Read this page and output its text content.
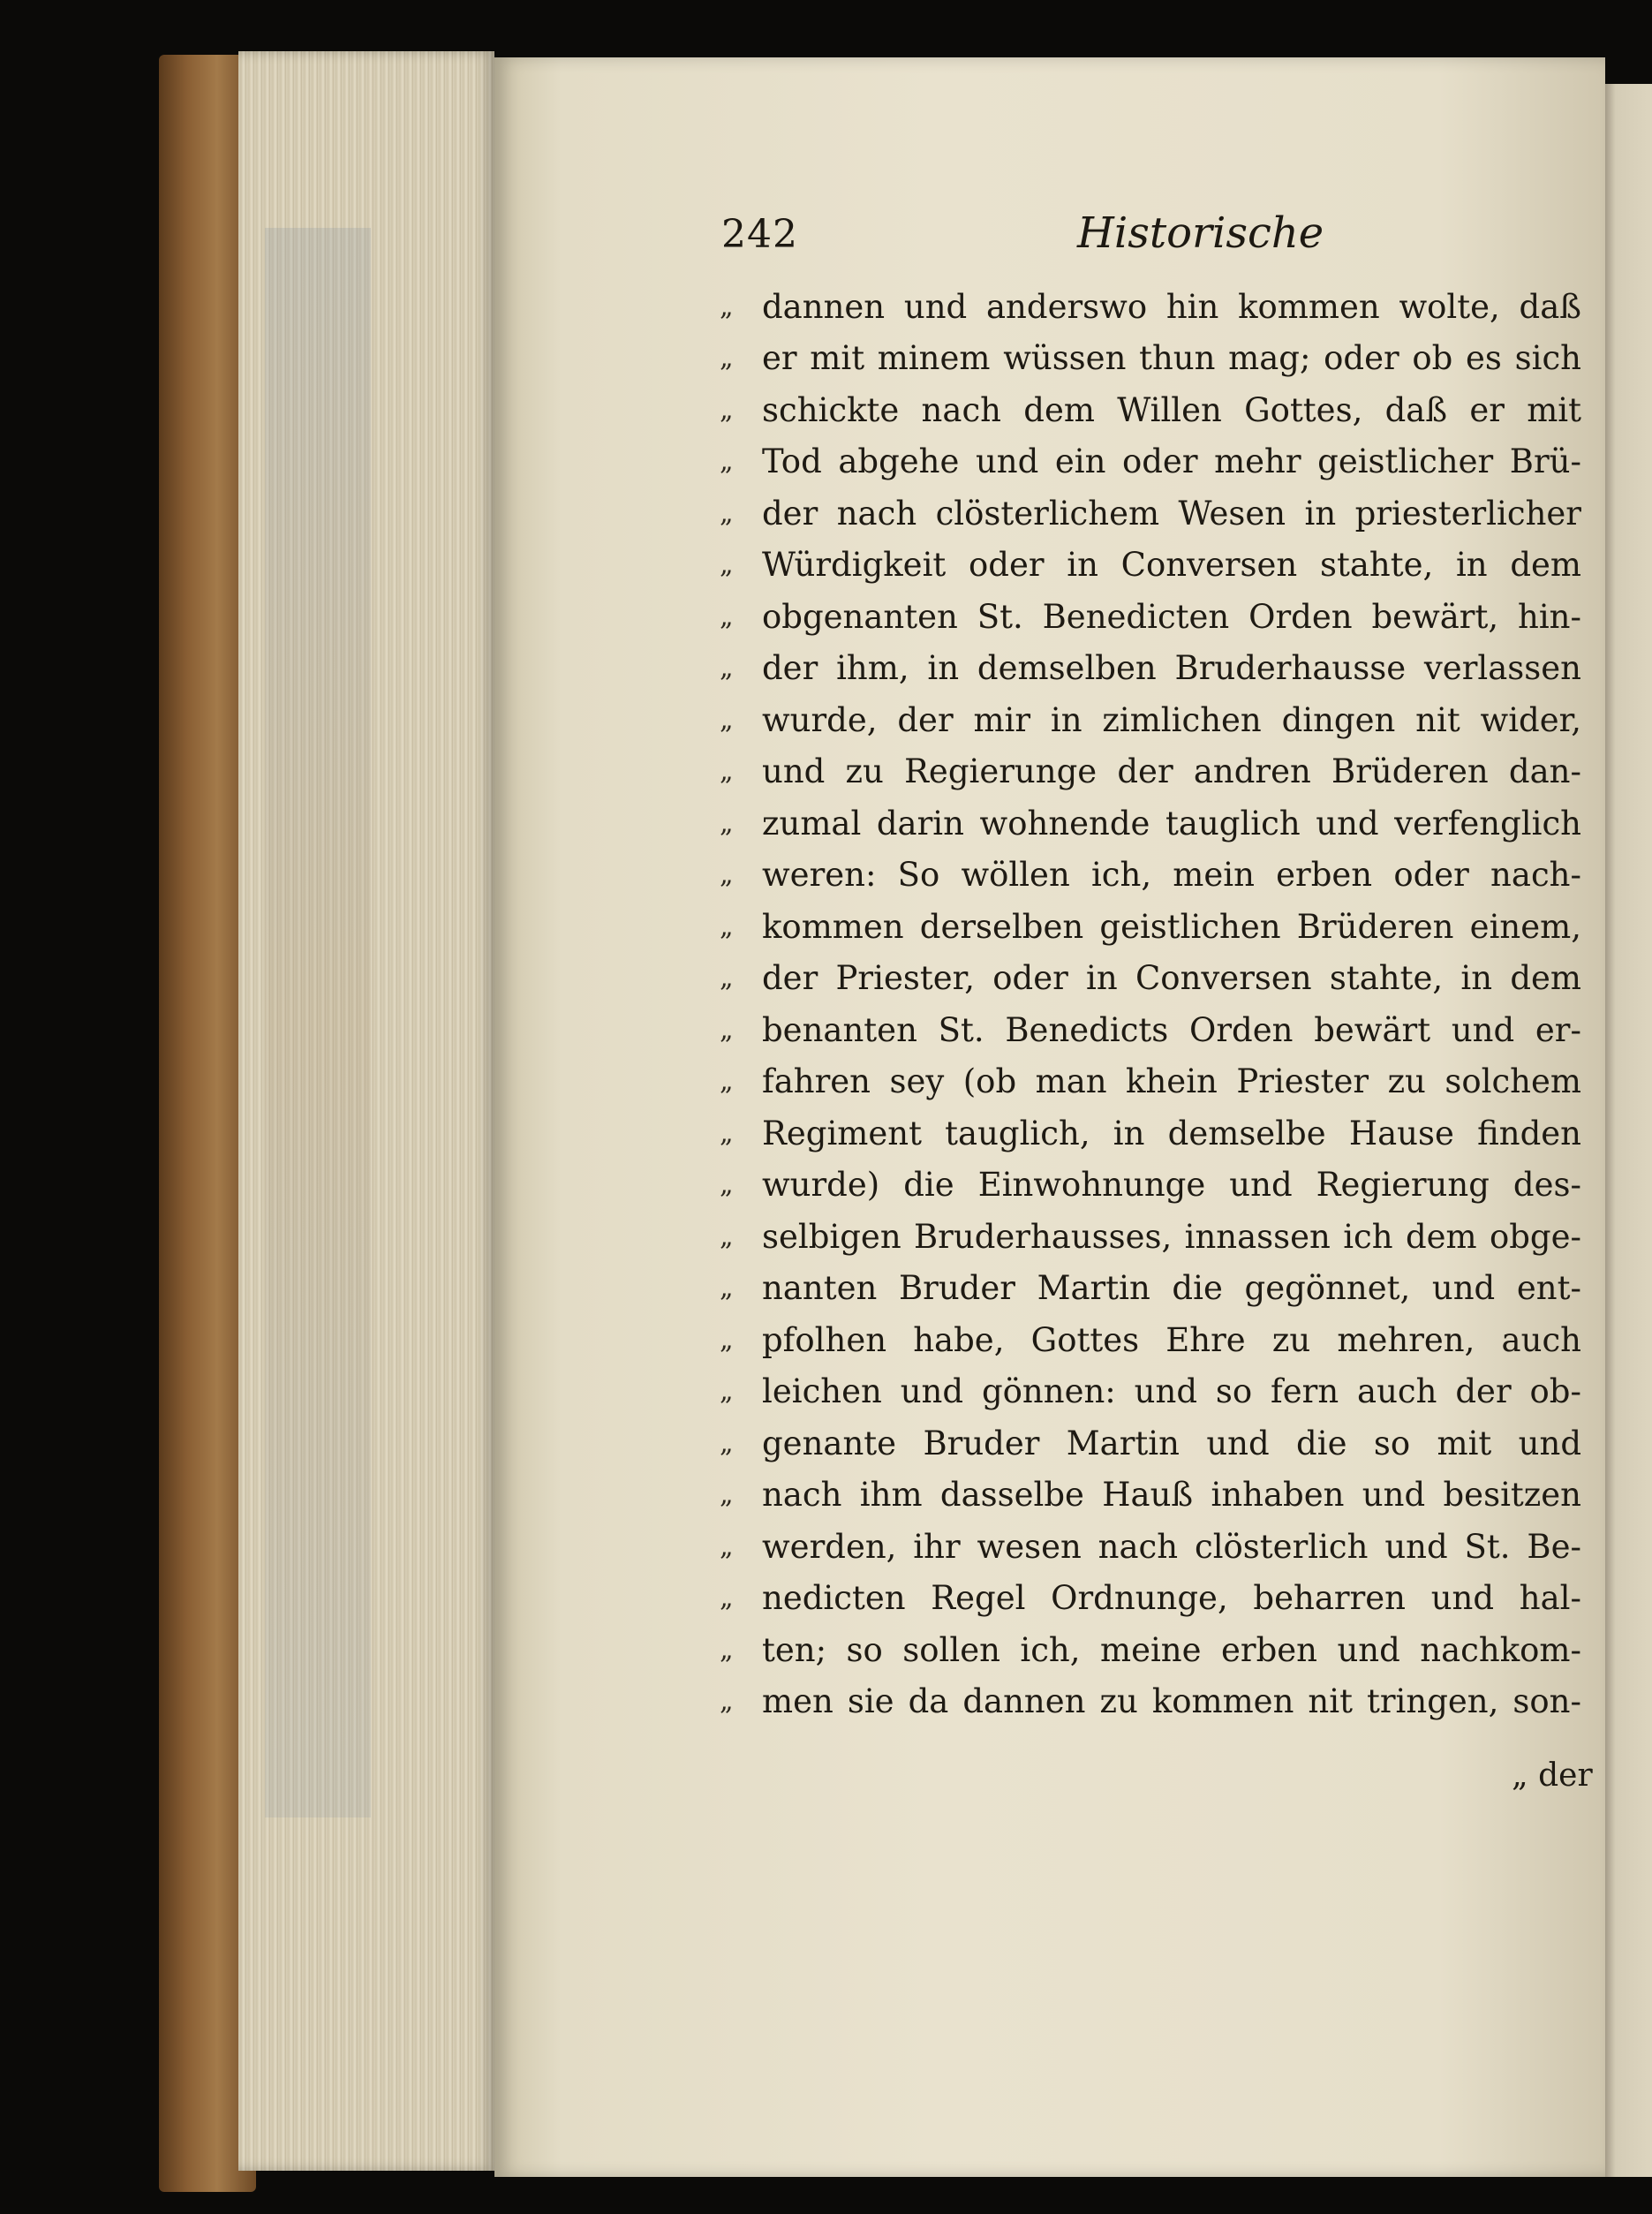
242	Historische
„ dannen und anderswo hin kommen wolte, daß
„ er mit minem wüssen thun mag; oder ob es sich
„ schickte nach dem Willen Gottes, daß er mit
„ Tod abgehe und ein oder mehr geistlicher Brü-
„ der nach clösterlichem Wesen in priesterlicher
„ Würdigkeit oder in Conversen stahte, in dem
„ obgenanten St. Benedicten Orden bewärt, hin-
„ der ihm, in demselben Bruderhausse verlassen
„ wurde, der mir in zimlichen dingen nit wider,
„ und zu Regierunge der andren Brüderen dan-
„ zumal darin wohnende tauglich und verfenglich
„ weren: So wöllen ich, mein erben oder nach-
„ kommen derselben geistlichen Brüderen einem,
„ der Priester, oder in Conversen stahte, in dem
„ benanten St. Benedicts Orden bewärt und er-
„ fahren sey (ob man khein Priester zu solchem
„ Regiment tauglich, in demselbe Hause finden
„ wurde) die Einwohnunge und Regierung des-
„ selbigen Bruderhausses, innassen ich dem obge-
„ nanten Bruder Martin die gegönnet, und ent-
„ pfolhen habe, Gottes Ehre zu mehren, auch
„ leichen und gönnen: und so fern auch der ob-
„ genante Bruder Martin und die so mit und
„ nach ihm dasselbe Hauß inhaben und besitzen
„ werden, ihr wesen nach clösterlich und St. Be-
„ nedicten Regel Ordnunge, beharren und hal-
„ ten; so sollen ich, meine erben und nachkom-
„ men sie da dannen zu kommen nit tringen, son-
„ der
